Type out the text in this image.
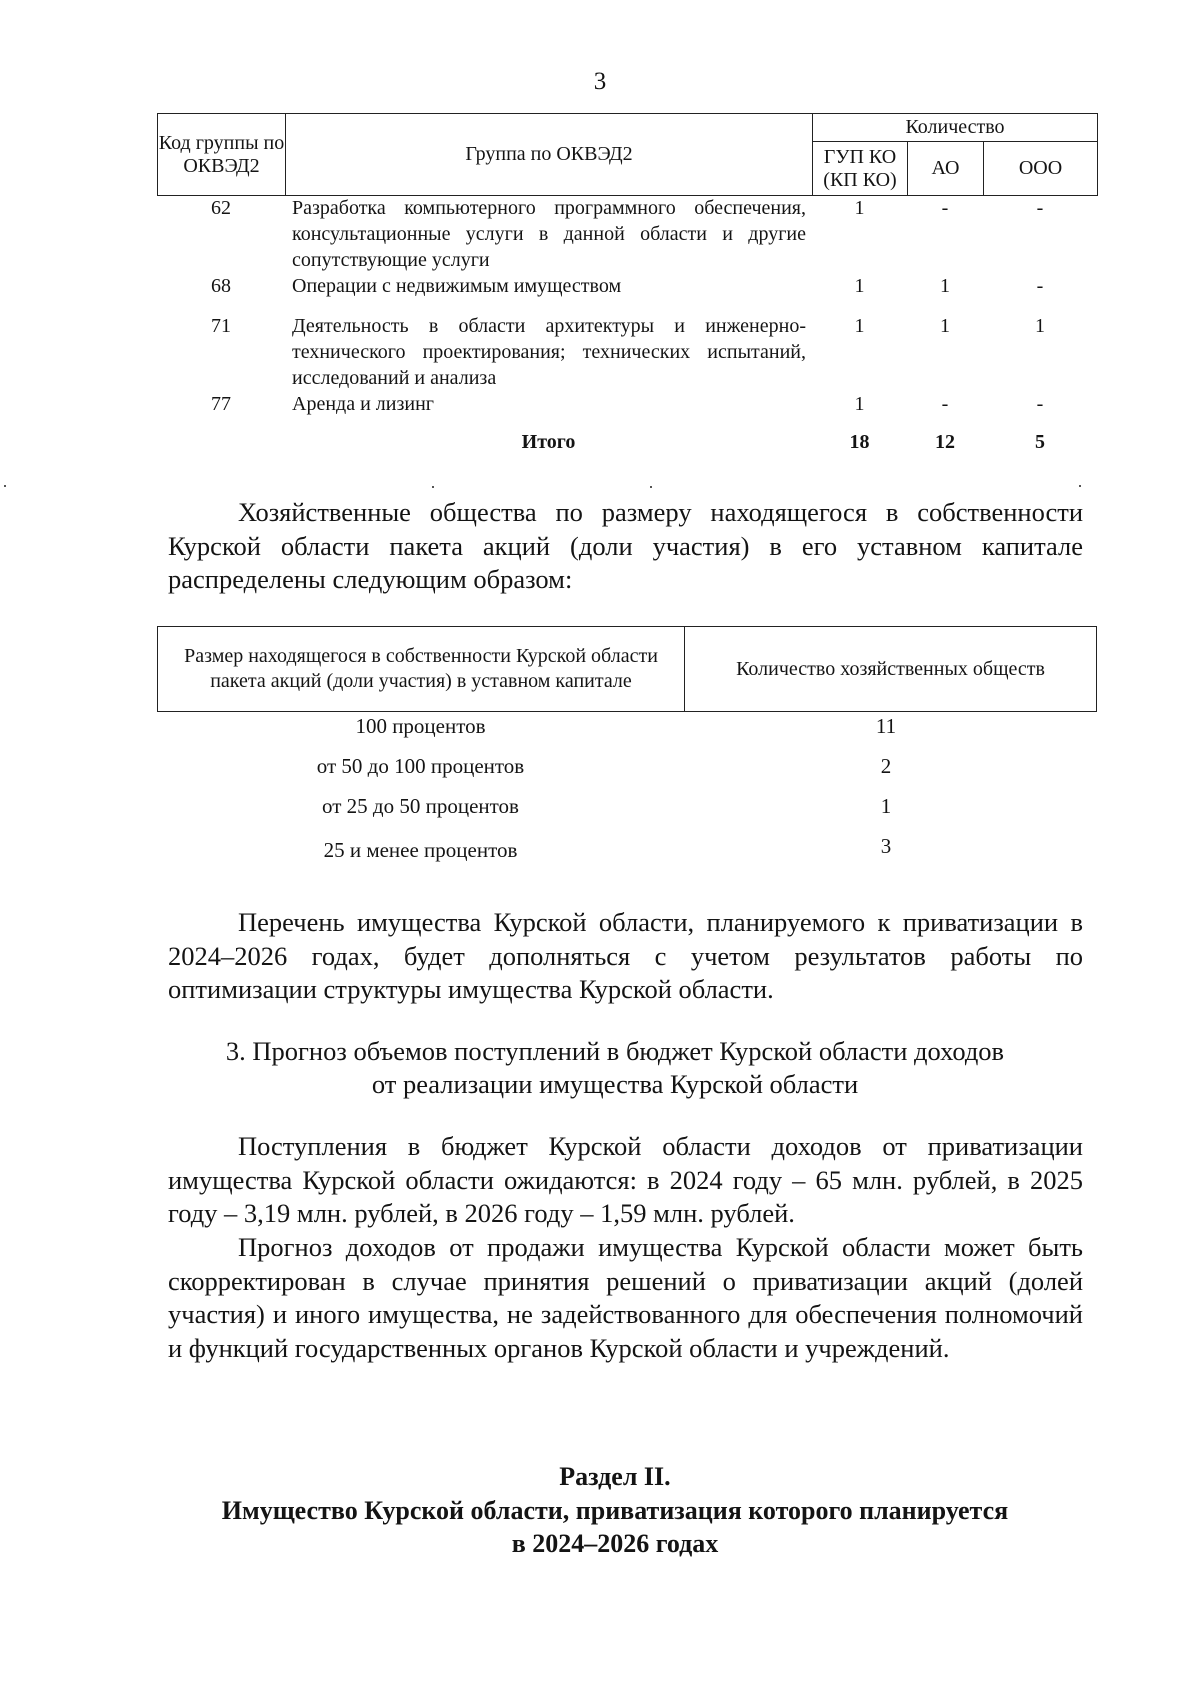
3
Код группы по ОКВЭД2	Группа по ОКВЭД2	Количество		
		ГУП КО (КП КО)	АО	ООО
62	Разработка компьютерного программного обеспечения, консультационные услуги в данной области и другие сопутствующие услуги	1	-	-
68	Операции с недвижимым имуществом	1	1	-
71	Деятельность в области архитектуры и инженерно-технического проектирования; технических испытаний, исследований и анализа	1	1	1
77	Аренда и лизинг	1	-	-
	Итого	18	12	5

Хозяйственные общества по размеру находящегося в собственности Курской области пакета акций (доли участия) в его уставном капитале распределены следующим образом:

Размер находящегося в собственности Курской области пакета акций (доли участия) в уставном капитале	Количество хозяйственных обществ
100 процентов	11
от 50 до 100 процентов	2
от 25 до 50 процентов	1
25 и менее процентов	3

Перечень имущества Курской области, планируемого к приватизации в 2024–2026 годах, будет дополняться с учетом результатов работы по оптимизации структуры имущества Курской области.

3. Прогноз объемов поступлений в бюджет Курской области доходов
от реализации имущества Курской области

Поступления в бюджет Курской области доходов от приватизации имущества Курской области ожидаются: в 2024 году – 65 млн. рублей, в 2025 году – 3,19 млн. рублей, в 2026 году – 1,59 млн. рублей.

Прогноз доходов от продажи имущества Курской области может быть скорректирован в случае принятия решений о приватизации акций (долей участия) и иного имущества, не задействованного для обеспечения полномочий и функций государственных органов Курской области и учреждений.

Раздел II.

Имущество Курской области, приватизация которого планируется
в 2024–2026 годах
